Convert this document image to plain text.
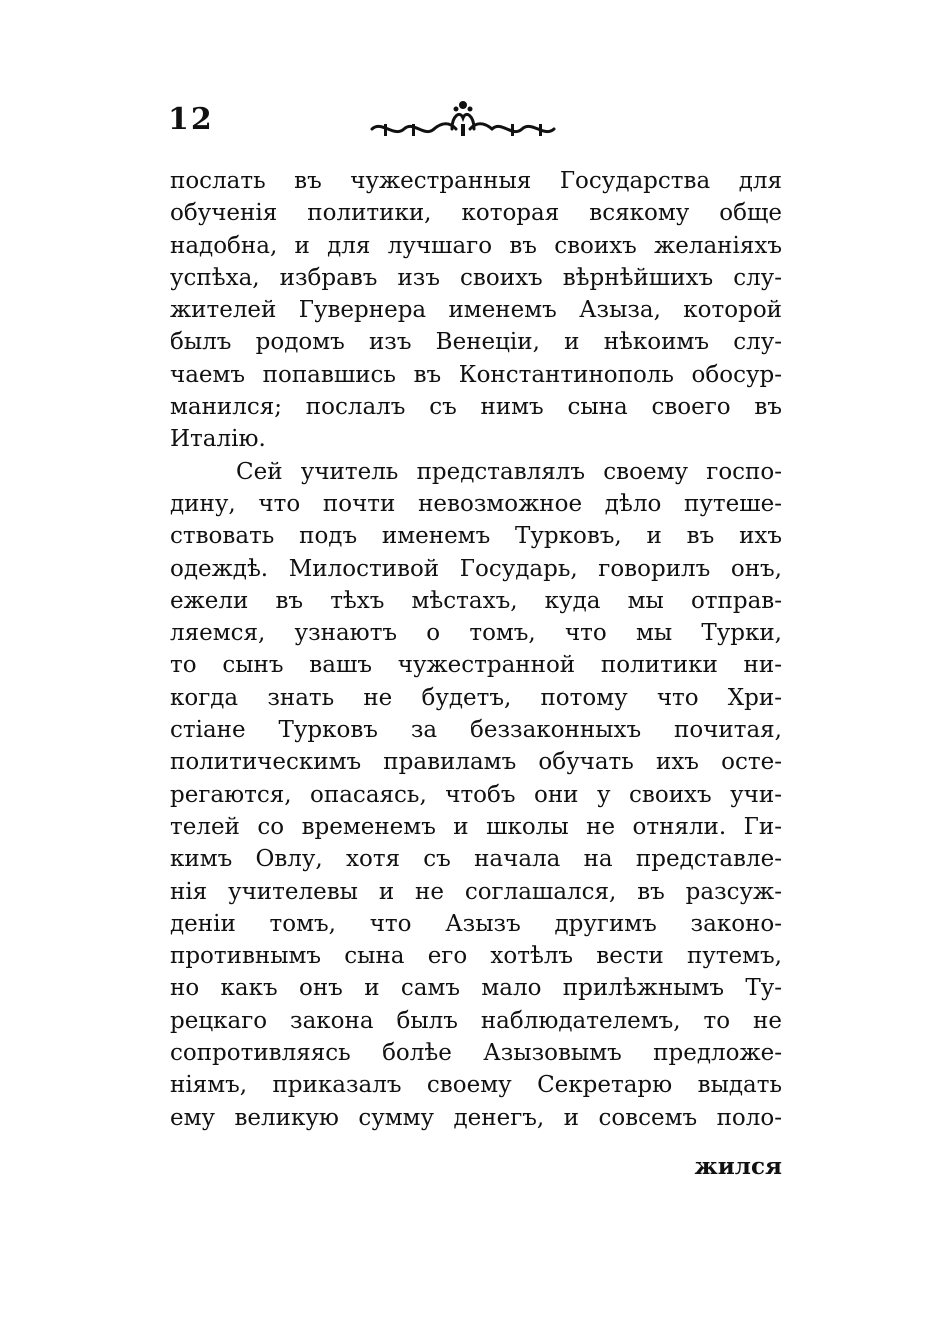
12
послать въ чужестранныя Государства для
обученія политики, которая всякому обще
надобна, и для лучшаго въ своихъ желаніяхъ
успѣха, избравъ изъ своихъ вѣрнѣйшихъ слу-
жителей Гувернера именемъ Азыза, которой
былъ родомъ изъ Венеціи, и нѣкоимъ слу-
чаемъ попавшись въ Константинополь обосур-
манился; послалъ съ нимъ сына своего въ
Италію.
Сей учитель представлялъ своему госпо-
дину, что почти невозможное дѣло путеше-
ствовать подъ именемъ Турковъ, и въ ихъ
одеждѣ. Милостивой Государь, говорилъ онъ,
ежели въ тѣхъ мѣстахъ, куда мы отправ-
ляемся, узнаютъ о томъ, что мы Турки,
то сынъ вашъ чужестранной политики ни-
когда знать не будетъ, потому что Хри-
стіане Турковъ за беззаконныхъ почитая,
политическимъ правиламъ обучать ихъ осте-
регаются, опасаясь, чтобъ они у своихъ учи-
телей со временемъ и школы не отняли. Ги-
кимъ Овлу, хотя съ начала на представле-
нія учителевы и не соглашался, въ разсуж-
деніи томъ, что Азызъ другимъ законо-
противнымъ сына его хотѣлъ вести путемъ,
но какъ онъ и самъ мало прилѣжнымъ Ту-
рецкаго закона былъ наблюдателемъ, то не
сопротивляясь болѣе Азызовымъ предложе-
ніямъ, приказалъ своему Секретарю выдать
ему великую сумму денегъ, и совсемъ поло-
жился
